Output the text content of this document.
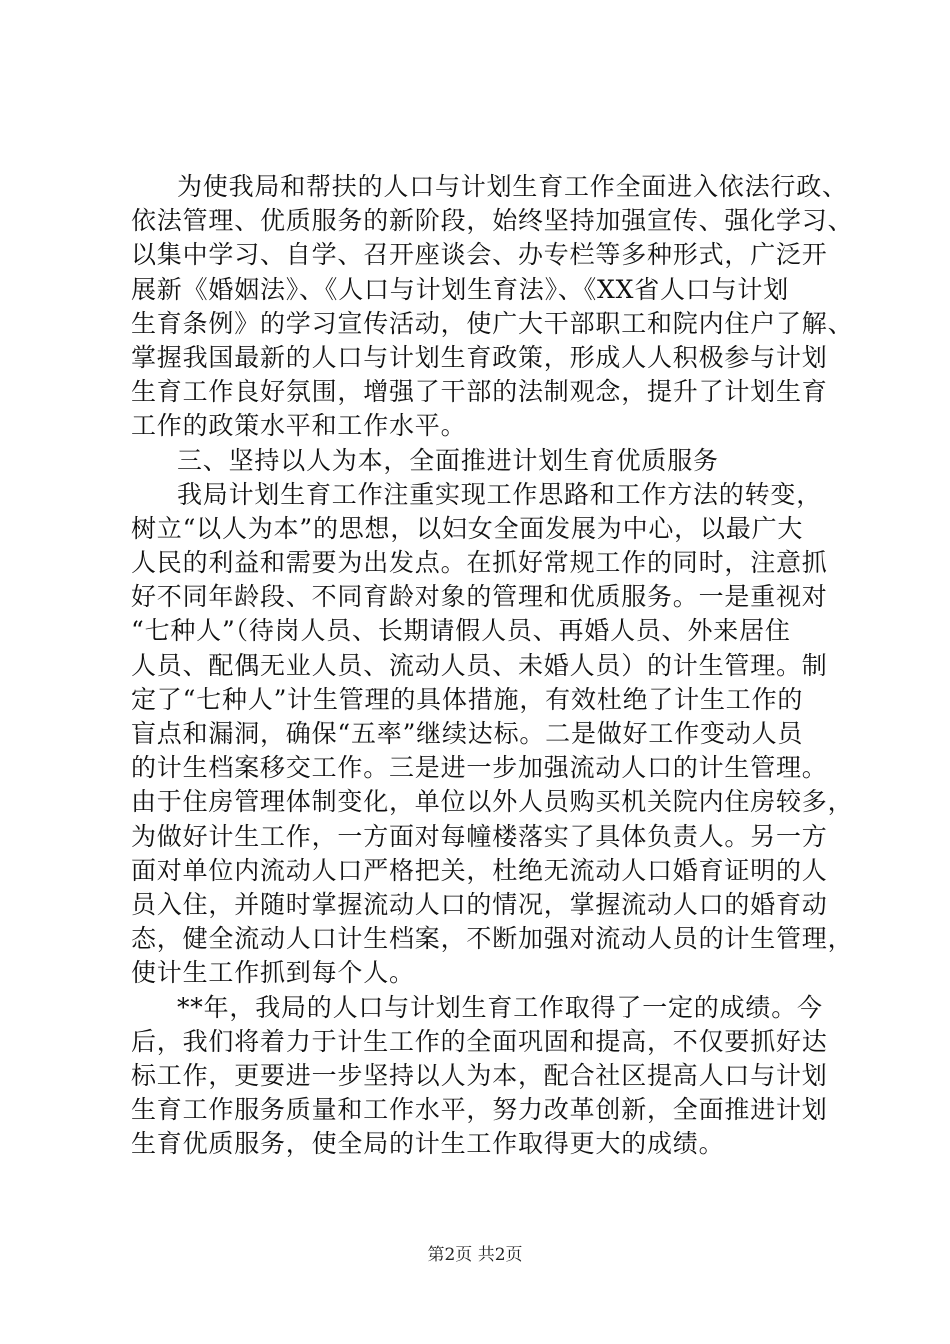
为使我局和帮扶的人口与计划生育工作全面进入依法行政、
依法管理、优质服务的新阶段，始终坚持加强宣传、强化学习、
以集中学习、自学、召开座谈会、办专栏等多种形式，广泛开
展新《婚姻法》、《人口与计划生育法》、《XX省人口与计划
生育条例》的学习宣传活动，使广大干部职工和院内住户了解、
掌握我国最新的人口与计划生育政策，形成人人积极参与计划
生育工作良好氛围，增强了干部的法制观念，提升了计划生育
工作的政策水平和工作水平。
三、坚持以人为本，全面推进计划生育优质服务
我局计划生育工作注重实现工作思路和工作方法的转变，
树立“以人为本”的思想，以妇女全面发展为中心，以最广大
人民的利益和需要为出发点。在抓好常规工作的同时，注意抓
好不同年龄段、不同育龄对象的管理和优质服务。一是重视对
“七种人”（待岗人员、长期请假人员、再婚人员、外来居住
人员、配偶无业人员、流动人员、未婚人员）的计生管理。制
定了“七种人”计生管理的具体措施，有效杜绝了计生工作的
盲点和漏洞，确保“五率”继续达标。二是做好工作变动人员
的计生档案移交工作。三是进一步加强流动人口的计生管理。
由于住房管理体制变化，单位以外人员购买机关院内住房较多，
为做好计生工作，一方面对每幢楼落实了具体负责人。另一方
面对单位内流动人口严格把关，杜绝无流动人口婚育证明的人
员入住，并随时掌握流动人口的情况，掌握流动人口的婚育动
态，健全流动人口计生档案，不断加强对流动人员的计生管理，
使计生工作抓到每个人。
**年，我局的人口与计划生育工作取得了一定的成绩。今
后，我们将着力于计生工作的全面巩固和提高，不仅要抓好达
标工作，更要进一步坚持以人为本，配合社区提高人口与计划
生育工作服务质量和工作水平，努力改革创新，全面推进计划
生育优质服务，使全局的计生工作取得更大的成绩。
第2页 共2页
